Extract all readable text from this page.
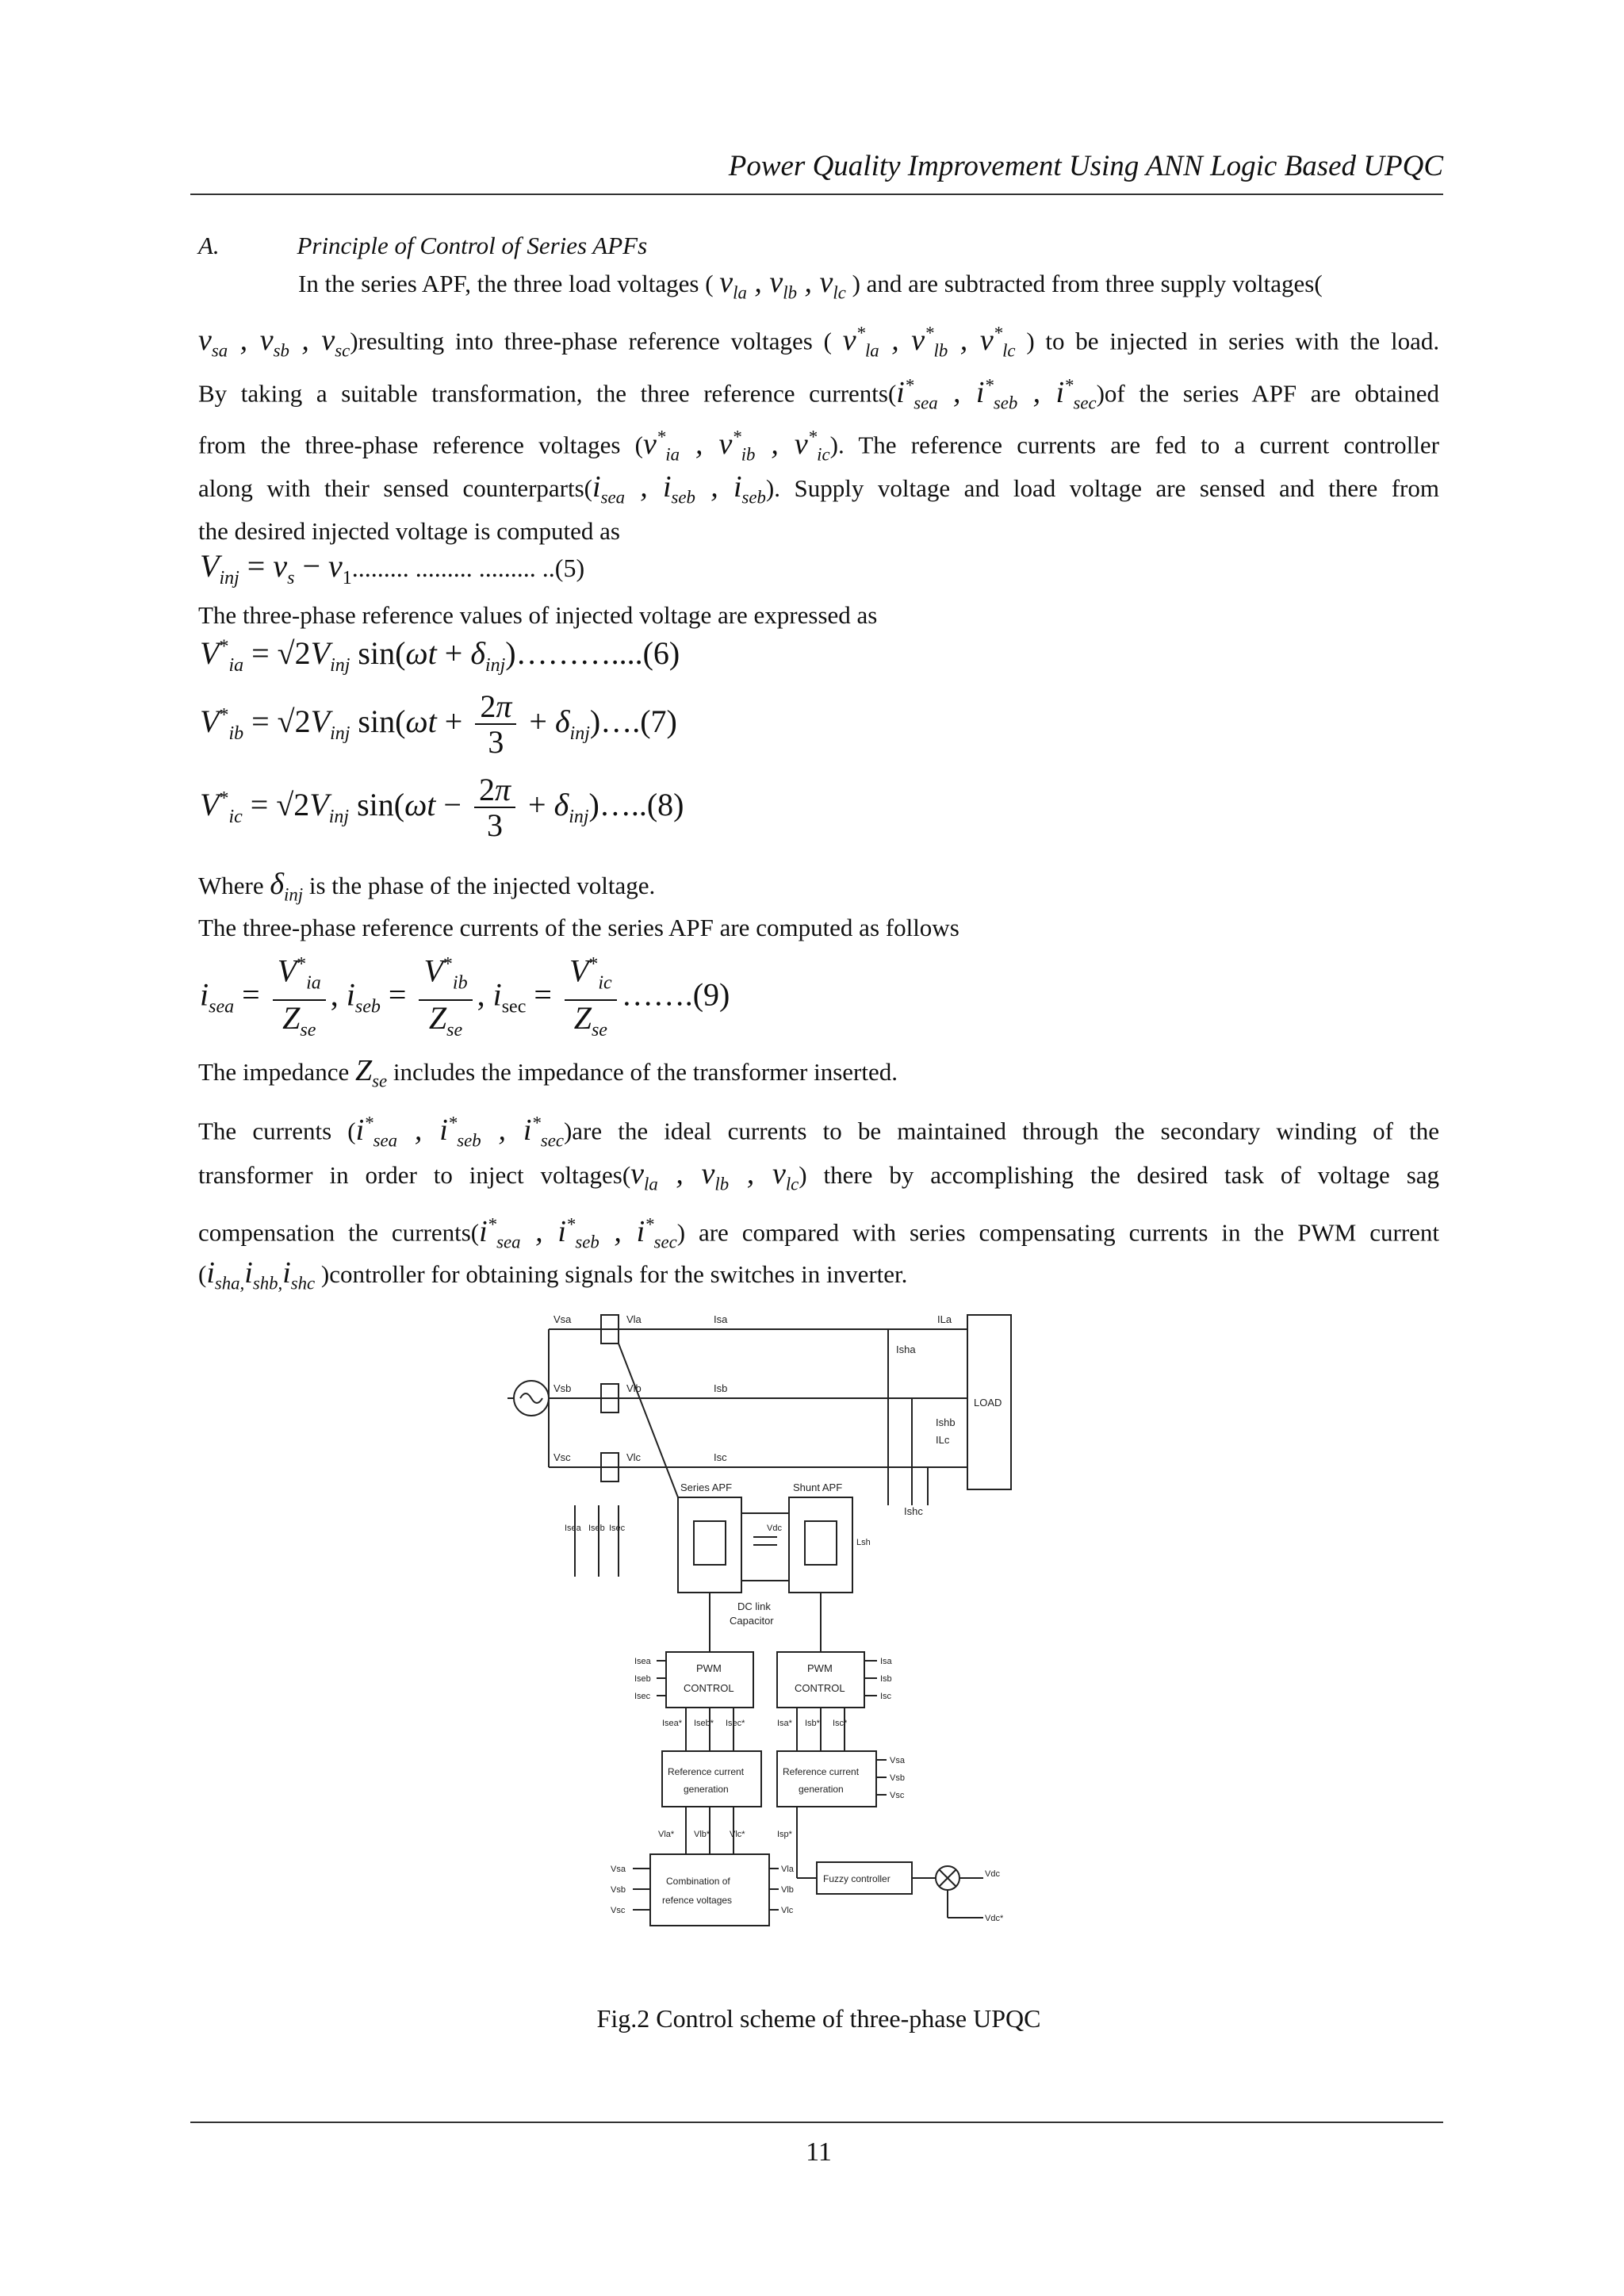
Power Quality Improvement Using ANN Logic Based UPQC
A.	Principle of Control of Series APFs
In the series APF, the three load voltages ( $v_{la}$ , $v_{lb}$ , $v_{lc}$ ) and are subtracted from three supply voltages(
$v_{sa}$ , $v_{sb}$ , $v_{sc})resulting$ into three-phase reference voltages ( $v^*_{la}$ , $v^*_{lb}$ , $v^*_{lc}$ ) to be injected in series with the load.
By taking a suitable transformation, the three reference $currents(i^*_{sea}$ , $i^*_{seb}$ , $i^*_{sec})of$ the series APF are obtained
from the three-phase reference voltages ($v^*_{ia}$ , $v^*_{ib}$ , $v^*_{ic}$). The reference currents are fed to a current controller
along with their sensed $counterparts(i_{sea}$ , $i_{seb}$ , $i_{seb}$). Supply voltage and load voltage are sensed and there from
the desired injected voltage is computed as
$V_{inj} = v_s - v_1$......... ......... ......... ..(5)
The three-phase reference values of injected voltage are expressed as
$V^*_{ia} = √2V_{inj}$ $\sin(\omega t + \delta_{inj})\dots\dots\dots....(6)$
$V^*_{ib} = √2V_{inj}$ $\sin(\omega t + \frac{2\pi}{3}$ + $\delta_{inj})\dots.(7)$
$V^*_{ic} = √2V_{inj}$ $\sin(\omega t - \frac{2\pi}{3}$ + $\delta_{inj})\dots..(8)$
Where $\delta_{inj}$ is the phase of the injected voltage.
The three-phase reference currents of the series APF are computed as follows
$i_{sea} = \frac{V^*_{ia}}{Z_{se}}$ , $i_{seb} = \frac{V^*_{ib}}{Z_{se}}$ , $i_{sec} = \frac{V^*_{ic}}{Z_{se}}$ …….(9)
The impedance $Z_{se}$ includes the impedance of the transformer inserted.
The currents ($i^*_{sea}$ , $i^*_{seb}$ , $i^*_{sec})are$ the ideal currents to be maintained through the secondary winding of the
transformer in order to inject $voltages(v_{la}$ , $v_{lb}$ , $v_{lc}$) there by accomplishing the desired task of voltage sag
compensation the $currents(i^*_{sea}$ , $i^*_{seb}$ , $i^*_{sec}$) are compared with series compensating currents in the PWM current
($i_{sha,}i_{shb,}i_{shc}$ )controller for obtaining signals for the switches in inverter.
LOAD
Vsa
Vsb
Vsc
Vla
Vlb
Vlc
Isa
Isb
Isc
ILa
Isha
Ishb
ILc
Ishc
Series APF	Shunt APF
Vdc
DC link
Capacitor
Lsh
Isea Iseb Isec
PWM
CONTROL
PWM
CONTROL
Isea
Iseb
Isec
Isa
Isb
Isc
Isea* Iseb* Isec*	Isa* Isb* Isc*
Reference current
generation
Reference current
generation
Vsa
Vsb
Vsc
Vla* Vlb* Vlc*	Isp*
Combination of
refence voltages
Vsa
Vsb
Vsc
Vla
Vlb
Vlc
Fuzzy controller	Vdc
Vdc*
Fig.2 Control scheme of three-phase UPQC
11
